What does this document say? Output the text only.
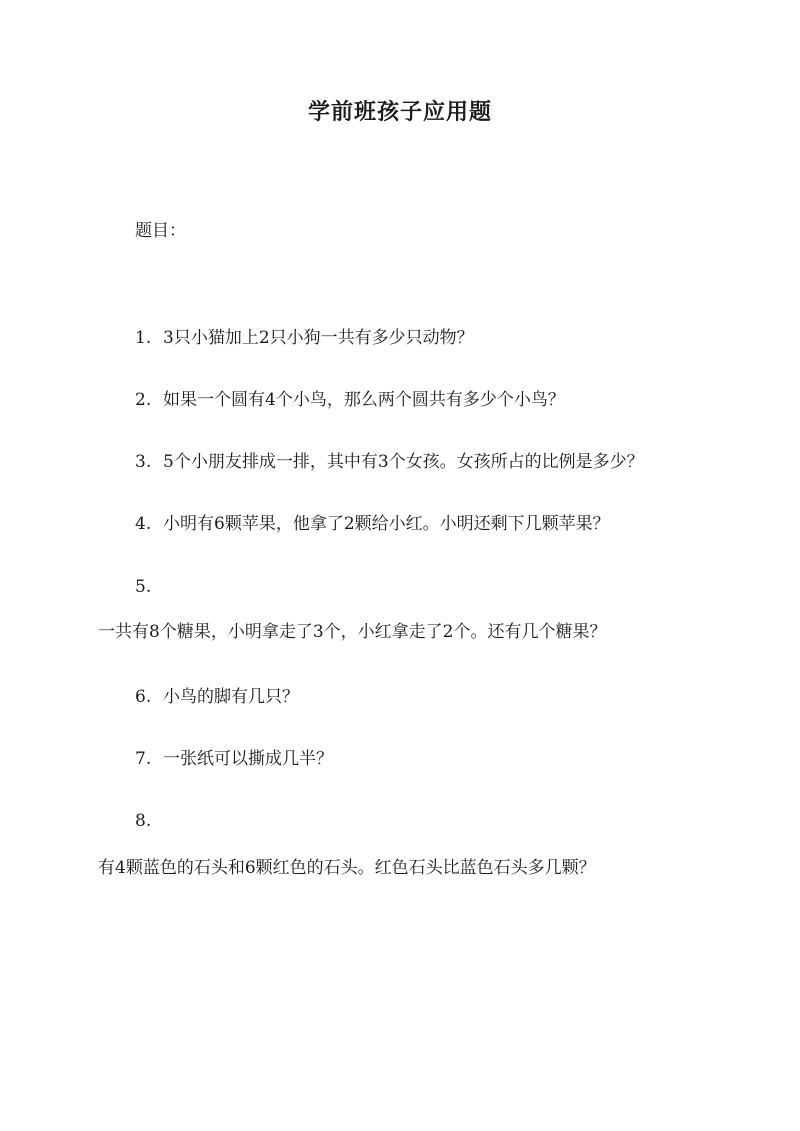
学前班孩子应用题

题目：

1. 3只小猫加上2只小狗一共有多少只动物？

2. 如果一个圆有4个小鸟，那么两个圆共有多少个小鸟？

3. 5个小朋友排成一排，其中有3个女孩。女孩所占的比例是多少？

4. 小明有6颗苹果，他拿了2颗给小红。小明还剩下几颗苹果？

5.

一共有8个糖果，小明拿走了3个，小红拿走了2个。还有几个糖果？

6. 小鸟的脚有几只？

7. 一张纸可以撕成几半？

8.

有4颗蓝色的石头和6颗红色的石头。红色石头比蓝色石头多几颗？
